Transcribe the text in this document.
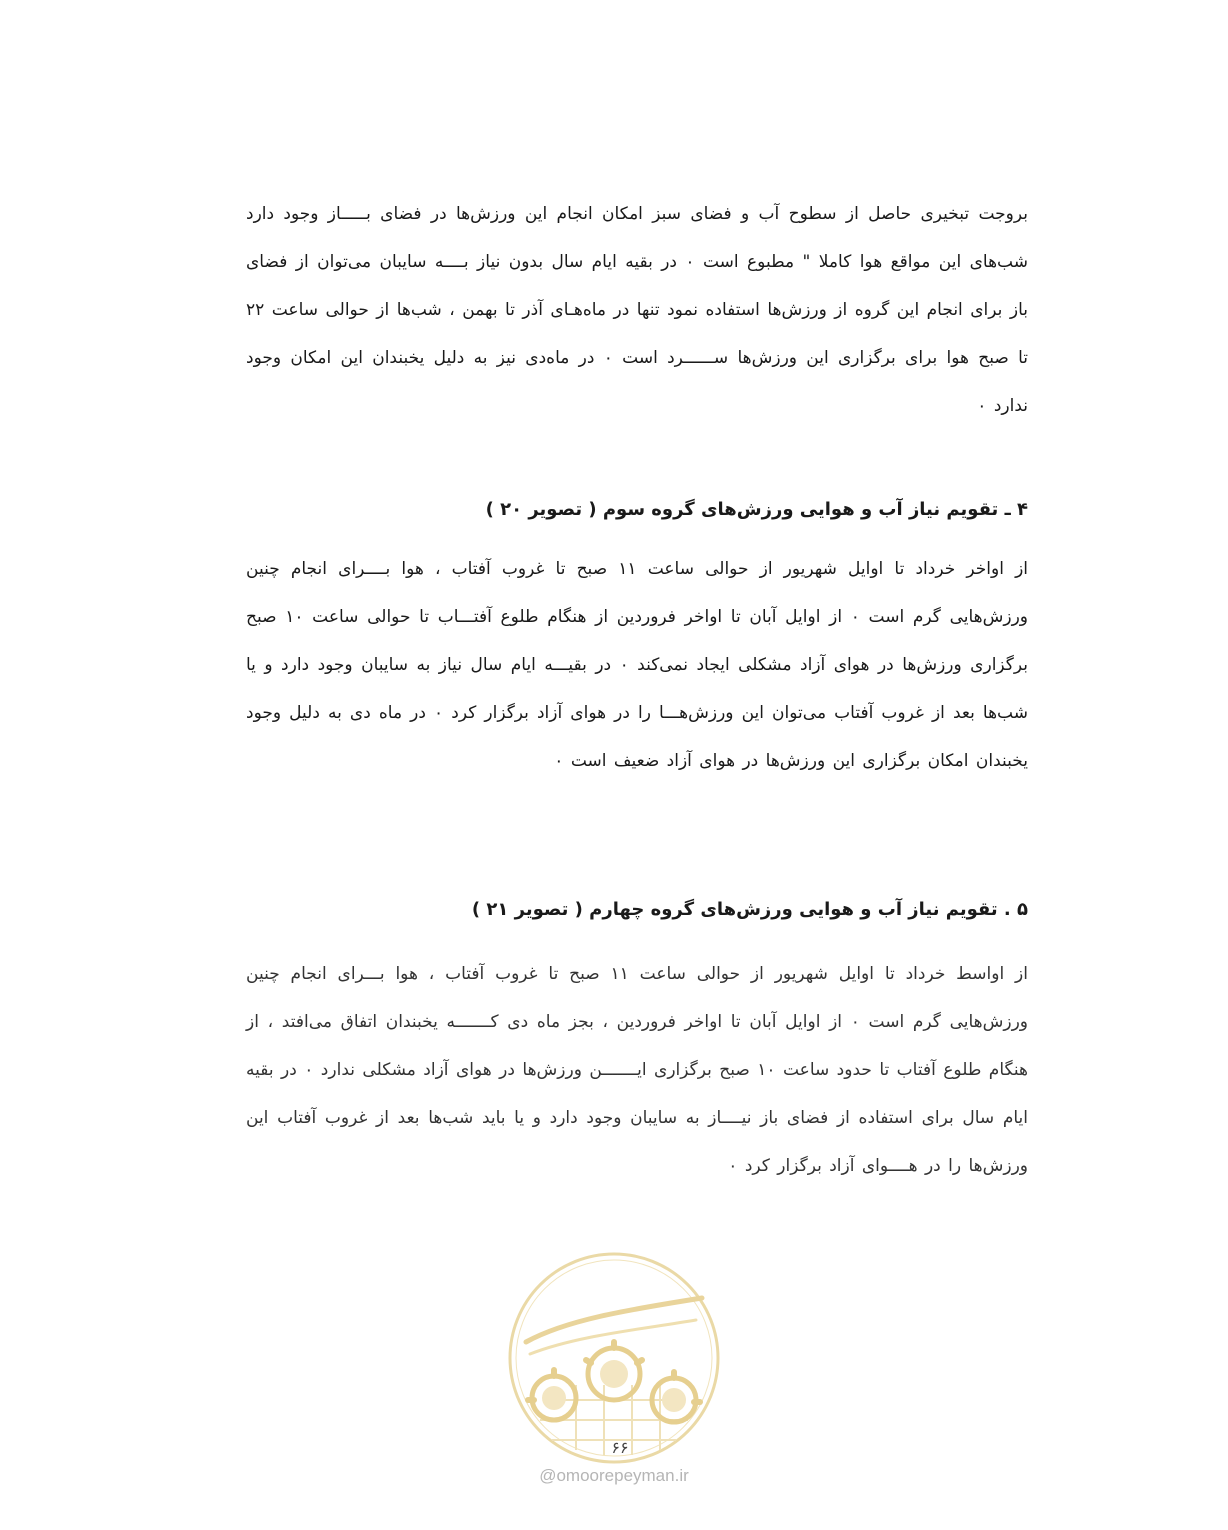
بروجت تبخیری حاصل از سطوح آب و فضای سبز امکان انجام این ورزش‌ها در فضای بـــــاز وجود دارد شب‌های این مواقع هوا کاملا " مطبوع است ۰ در بقیه ایام سال بدون نیاز بــــه سایبان می‌توان از فضای باز برای انجام این گروه از ورزش‌ها استفاده نمود تنها در ماه‌هـای آذر تا بهمن ، شب‌ها از حوالی ساعت ۲۲ تا صبح هوا برای برگزاری این ورزش‌ها ســــــرد است ۰ در ماه‌دی نیز به دلیل یخبندان این امکان وجود ندارد ۰
۴ ـ تقویم نیاز آب و هوایی ورزش‌های گروه سوم ( تصویر ۲۰ )
از اواخر خرداد تا اوایل شهریور از حوالی ساعت ۱۱ صبح تا غروب آفتاب ، هوا بــــرای انجام چنین ورزش‌هایی گرم است ۰ از اوایل آبان تا اواخر فروردین از هنگام طلوع آفتـــاب تا حوالی ساعت ۱۰ صبح برگزاری ورزش‌ها در هوای آزاد مشکلی ایجاد نمی‌کند ۰ در بقیـــه ایام سال نیاز به سایبان وجود دارد و یا شب‌ها بعد از غروب آفتاب می‌توان این ورزش‌هـــا را در هوای آزاد برگزار کرد ۰ در ماه دی به دلیل وجود یخبندان امکان برگزاری این ورزش‌ها در هوای آزاد ضعیف است ۰
۵ . تقویم نیاز آب و هوایی ورزش‌های گروه چهارم ( تصویر ۲۱ )
از اواسط خرداد تا اوایل شهریور از حوالی ساعت ۱۱ صبح تا غروب آفتاب ، هوا بـــرای انجام چنین ورزش‌هایی گرم است ۰ از اوایل آبان تا اواخر فروردین ، بجز ماه دی کـــــــه یخبندان اتفاق می‌افتد ، از هنگام طلوع آفتاب تا حدود ساعت ۱۰ صبح برگزاری ایـــــــن ورزش‌ها در هوای آزاد مشکلی ندارد ۰ در بقیه ایام سال برای استفاده از فضای باز نیــــاز به سایبان وجود دارد و یا باید شب‌ها بعد از غروب آفتاب این ورزش‌ها را در هــــوای آزاد برگزار کرد ۰
۶۶
@omoorepeyman.ir
